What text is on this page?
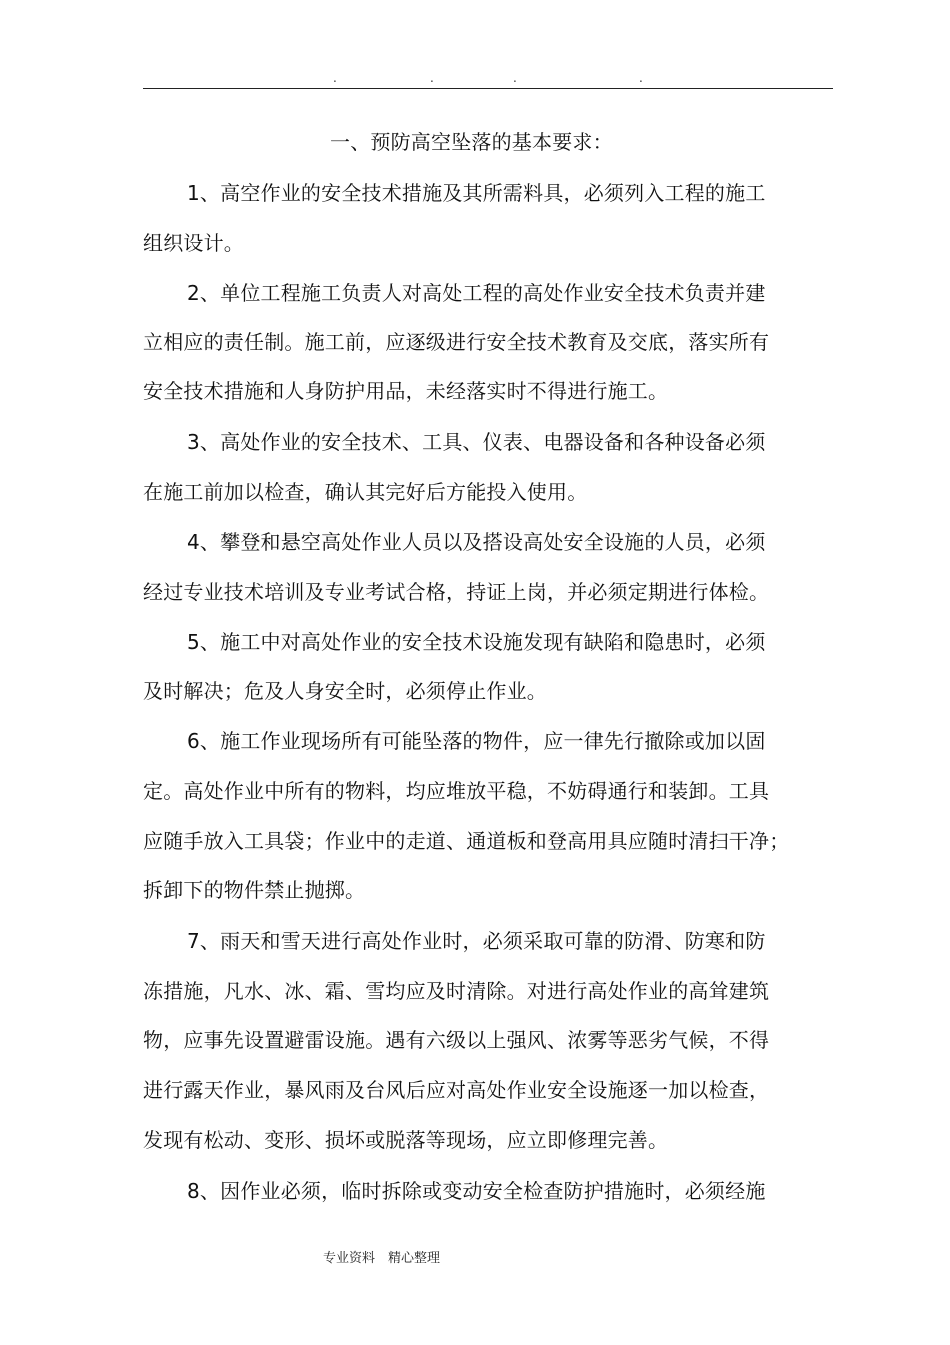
.	.	.	.
一、预防高空坠落的基本要求：
1、高空作业的安全技术措施及其所需料具，必须列入工程的施工
组织设计。
2、单位工程施工负责人对高处工程的高处作业安全技术负责并建
立相应的责任制。施工前，应逐级进行安全技术教育及交底，落实所有
安全技术措施和人身防护用品，未经落实时不得进行施工。
3、高处作业的安全技术、工具、仪表、电器设备和各种设备必须
在施工前加以检查，确认其完好后方能投入使用。
4、攀登和悬空高处作业人员以及搭设高处安全设施的人员，必须
经过专业技术培训及专业考试合格，持证上岗，并必须定期进行体检。
5、施工中对高处作业的安全技术设施发现有缺陷和隐患时，必须
及时解决；危及人身安全时，必须停止作业。
6、施工作业现场所有可能坠落的物件，应一律先行撤除或加以固
定。高处作业中所有的物料，均应堆放平稳，不妨碍通行和装卸。工具
应随手放入工具袋；作业中的走道、通道板和登高用具应随时清扫干净；
拆卸下的物件禁止抛掷。
7、雨天和雪天进行高处作业时，必须采取可靠的防滑、防寒和防
冻措施，凡水、冰、霜、雪均应及时清除。对进行高处作业的高耸建筑
物，应事先设置避雷设施。遇有六级以上强风、浓雾等恶劣气候，不得
进行露天作业，暴风雨及台风后应对高处作业安全设施逐一加以检查，
发现有松动、变形、损坏或脱落等现场，应立即修理完善。
8、因作业必须，临时拆除或变动安全检查防护措施时，必须经施
专业资料　精心整理
